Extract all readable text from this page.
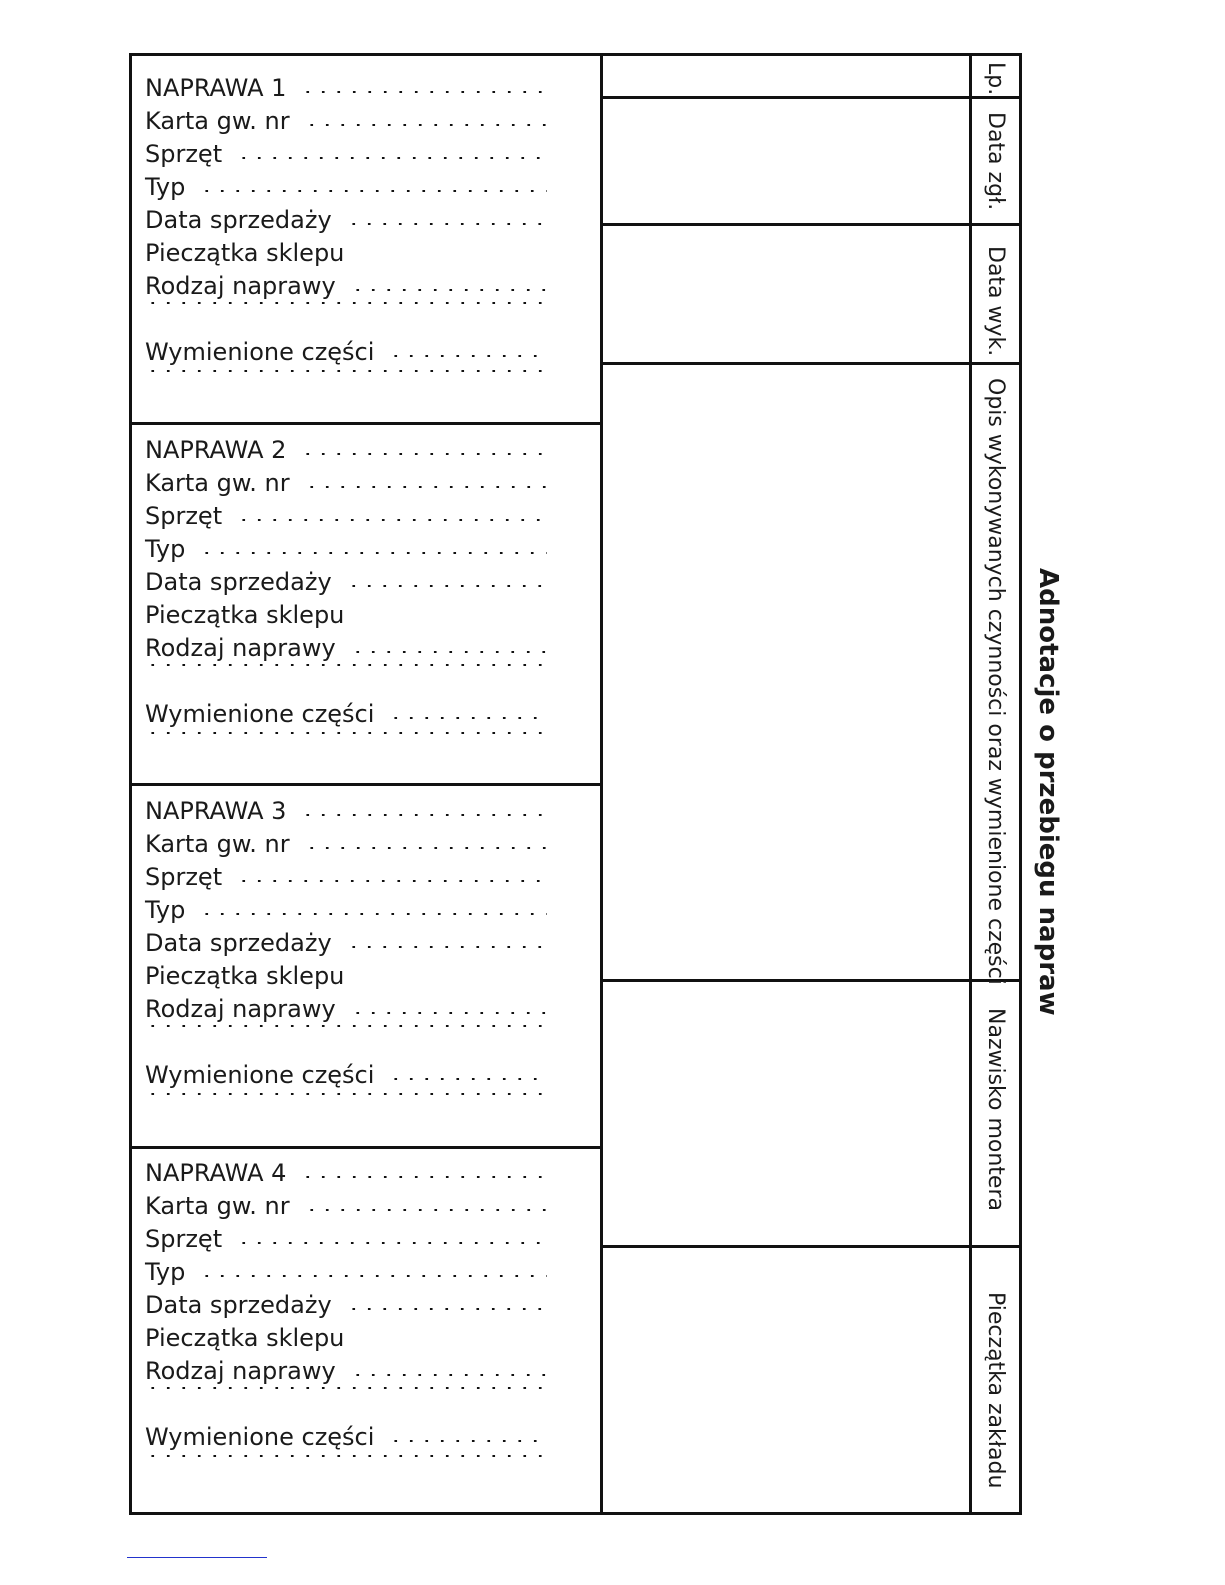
Lp.
Data zgł.
Data wyk.
Opis wykonywanych czynności oraz wymienione części
Nazwisko montera
Pieczątka zakładu
Adnotacje o przebiegu napraw
NAPRAWA 1
Karta gw. nr
Sprzęt
Typ
Data sprzedaży
Pieczątka sklepu
Rodzaj naprawy
Wymienione części
NAPRAWA 2
Karta gw. nr
Sprzęt
Typ
Data sprzedaży
Pieczątka sklepu
Rodzaj naprawy
Wymienione części
NAPRAWA 3
Karta gw. nr
Sprzęt
Typ
Data sprzedaży
Pieczątka sklepu
Rodzaj naprawy
Wymienione części
NAPRAWA 4
Karta gw. nr
Sprzęt
Typ
Data sprzedaży
Pieczątka sklepu
Rodzaj naprawy
Wymienione części
